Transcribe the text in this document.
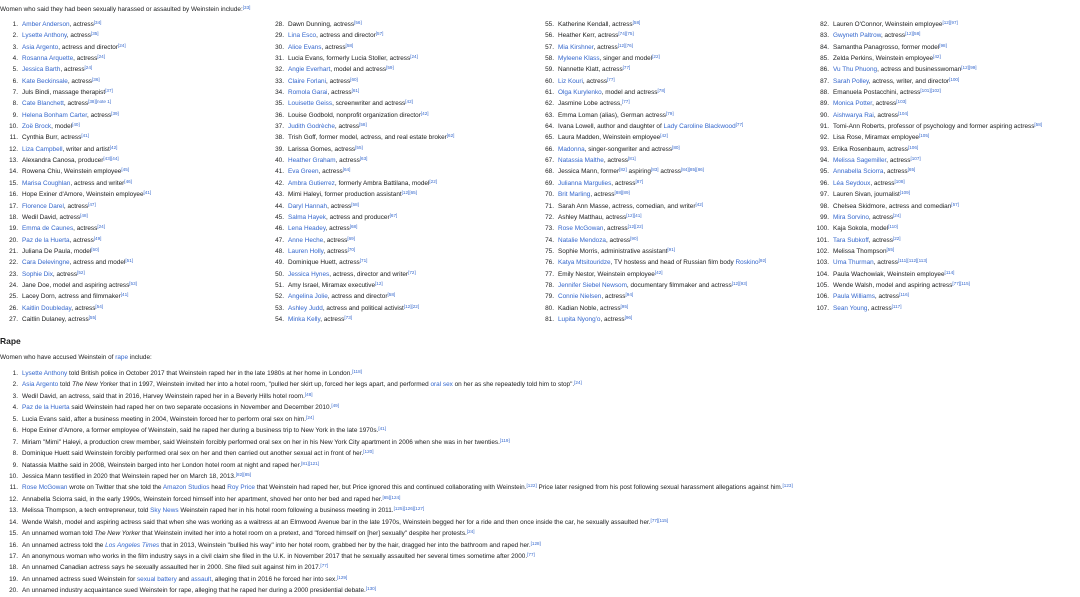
Women who said they had been sexually harassed or assaulted by Weinstein include:[33]
1. Amber Anderson, actress[34]
2. Lysette Anthony, actress[35]
3. Asia Argento, actress and director[24]
4. Rosanna Arquette, actress[24]
5. Jessica Barth, actress[24]
6. Kate Beckinsale, actress[36]
7. Juls Bindi, massage therapist[37]
8. Cate Blanchett, actress[38][note 1]
9. Helena Bonham Carter, actress[39]
10. Zoë Brock, model[40]
11. Cynthia Burr, actress[41]
12. Liza Campbell, writer and artist[42]
13. Alexandra Canosa, producer[43][44]
14. Rowena Chiu, Weinstein employee[45]
15. Marisa Coughlan, actress and writer[46]
16. Hope Exiner d'Amore, Weinstein employee[41]
17. Florence Darel, actress[47]
18. Wedil David, actress[48]
19. Emma de Caunes, actress[24]
20. Paz de la Huerta, actress[49]
21. Juliana De Paula, model[50]
22. Cara Delevingne, actress and model[51]
23. Sophie Dix, actress[52]
24. Jane Doe, model and aspiring actress[53]
25. Lacey Dorn, actress and filmmaker[41]
26. Kaitlin Doubleday, actress[54]
27. Caitlin Dulaney, actress[55]
28. Dawn Dunning, actress[56]
29. Lina Esco, actress and director[57]
30. Alice Evans, actress[58]
31. Lucia Evans, formerly Lucia Stoller, actress[24]
32. Angie Everhart, model and actress[59]
33. Claire Forlani, actress[60]
34. Romola Garai, actress[61]
35. Louisette Geiss, screenwriter and actress[42]
36. Louise Godbold, nonprofit organization director[42]
37. Judith Godrèche, actress[58]
38. Trish Goff, former model, actress, and real estate broker[62]
39. Larissa Gomes, actress[55]
40. Heather Graham, actress[63]
41. Eva Green, actress[64]
42. Ambra Gutierrez, formerly Ambra Battilana, model[22]
43. Mimi Haleyi, former production assistant[12][65]
44. Daryl Hannah, actress[58]
45. Salma Hayek, actress and producer[67]
46. Lena Headey, actress[68]
47. Anne Heche, actress[69]
48. Lauren Holly, actress[70]
49. Dominique Huett, actress[71]
50. Jessica Hynes, actress, director and writer[72]
51. Amy Israel, Miramax executive[12]
52. Angelina Jolie, actress and director[58]
53. Ashley Judd, actress and political activist[12][22]
54. Minka Kelly, actress[73]
55. Katherine Kendall, actress[58]
56. Heather Kerr, actress[74][75]
57. Mia Kirshner, actress[12][76]
58. Myleene Klass, singer and model[22]
59. Nannette Klatt, actress[77]
60. Liz Kouri, actress[77]
61. Olga Kurylenko, model and actress[78]
62. Jasmine Lobe actress,[77]
63. Emma Loman (alias), German actress[79]
64. Ivana Lowell, author and daughter of Lady Caroline Blackwood[77]
65. Laura Madden, Weinstein employee[42]
66. Madonna, singer-songwriter and actress[80]
67. Natassia Malthe, actress[81]
68. Jessica Mann, former[82] aspiring[83] actress[84][85][86]
69. Julianna Margulies, actress[87]
70. Brit Marling, actress[88][89]
71. Sarah Ann Masse, actress, comedian, and writer[42]
72. Ashley Matthau, actress[12][41]
73. Rose McGowan, actress[12][22]
74. Natalie Mendoza, actress[90]
75. Sophie Morris, administrative assistant[91]
76. Katya Mtsitouridze, TV hostess and head of Russian film body Roskino[92]
77. Emily Nestor, Weinstein employee[42]
78. Jennifer Siebel Newsom, documentary filmmaker and actress[12][93]
79. Connie Nielsen, actress[94]
80. Kadian Noble, actress[95]
81. Lupita Nyong'o, actress[96]
82. Lauren O'Connor, Weinstein employee[12][97]
83. Gwyneth Paltrow, actress[12][58]
84. Samantha Panagrosso, former model[98]
85. Zelda Perkins, Weinstein employee[42]
86. Vu Thu Phuong, actress and businesswoman[12][99]
87. Sarah Polley, actress, writer, and director[100]
88. Emanuela Postacchini, actress[101][102]
89. Monica Potter, actress[103]
90. Aishwarya Rai, actress[104]
91. Tomi-Ann Roberts, professor of psychology and former aspiring actress[58]
92. Lisa Rose, Miramax employee[105]
93. Erika Rosenbaum, actress[106]
94. Melissa Sagemiller, actress[107]
95. Annabella Sciorra, actress[65]
96. Léa Seydoux, actress[108]
97. Lauren Sivan, journalist[109]
98. Chelsea Skidmore, actress and comedian[57]
99. Mira Sorvino, actress[24]
100. Kaja Sokola, model[110]
101. Tara Subkoff, actress[22]
102. Melissa Thompson[55]
103. Uma Thurman, actress[111][112][113]
104. Paula Wachowiak, Weinstein employee[114]
105. Wende Walsh, model and aspiring actress[77][115]
106. Paula Williams, actress[116]
107. Sean Young, actress[117]
Rape
Women who have accused Weinstein of rape include:
1. Lysette Anthony told British police in October 2017 that Weinstein raped her in the late 1980s at her home in London.[118]
2. Asia Argento told The New Yorker that in 1997, Weinstein invited her into a hotel room, "pulled her skirt up, forced her legs apart, and performed oral sex on her as she repeatedly told him to stop".[24]
3. Wedil David, an actress, said that in 2016, Harvey Weinstein raped her in a Beverly Hills hotel room.[48]
4. Paz de la Huerta said Weinstein had raped her on two separate occasions in November and December 2010.[49]
5. Lucia Evans said, after a business meeting in 2004, Weinstein forced her to perform oral sex on him.[24]
6. Hope Exiner d'Amore, a former employee of Weinstein, said he raped her during a business trip to New York in the late 1970s.[41]
7. Miriam "Mimi" Haleyi, a production crew member, said Weinstein forcibly performed oral sex on her in his New York City apartment in 2006 when she was in her twenties.[119]
8. Dominique Huett said Weinstein forcibly performed oral sex on her and then carried out another sexual act in front of her.[120]
9. Natassia Malthe said in 2008, Weinstein barged into her London hotel room at night and raped her.[81][121]
10. Jessica Mann testified in 2020 that Weinstein raped her on March 18, 2013.[82][85]
11. Rose McGowan wrote on Twitter that she told the Amazon Studios head Roy Price that Weinstein had raped her, but Price ignored this and continued collaborating with Weinstein.[122] Price later resigned from his post following sexual harassment allegations against him.[123]
12. Annabella Sciorra said, in the early 1990s, Weinstein forced himself into her apartment, shoved her onto her bed and raped her.[65][124]
13. Melissa Thompson, a tech entrepreneur, told Sky News Weinstein raped her in his hotel room following a business meeting in 2011.[125][126][127]
14. Wende Walsh, model and aspiring actress said that when she was working as a waitress at an Elmwood Avenue bar in the late 1970s, Weinstein begged her for a ride and then once inside the car, he sexually assaulted her.[77][115]
15. An unnamed woman told The New Yorker that Weinstein invited her into a hotel room on a pretext, and "forced himself on [her] sexually" despite her protests.[24]
16. An unnamed actress told the Los Angeles Times that in 2013, Weinstein "bullied his way" into her hotel room, grabbed her by the hair, dragged her into the bathroom and raped her.[128]
17. An anonymous woman who works in the film industry says in a civil claim she filed in the U.K. in November 2017 that he sexually assaulted her several times sometime after 2000.[77]
18. An unnamed Canadian actress says he sexually assaulted her in 2000. She filed suit against him in 2017.[77]
19. An unnamed actress sued Weinstein for sexual battery and assault, alleging that in 2016 he forced her into sex.[129]
20. An unnamed industry acquaintance sued Weinstein for rape, alleging that he raped her during a 2000 presidential debate.[130]
